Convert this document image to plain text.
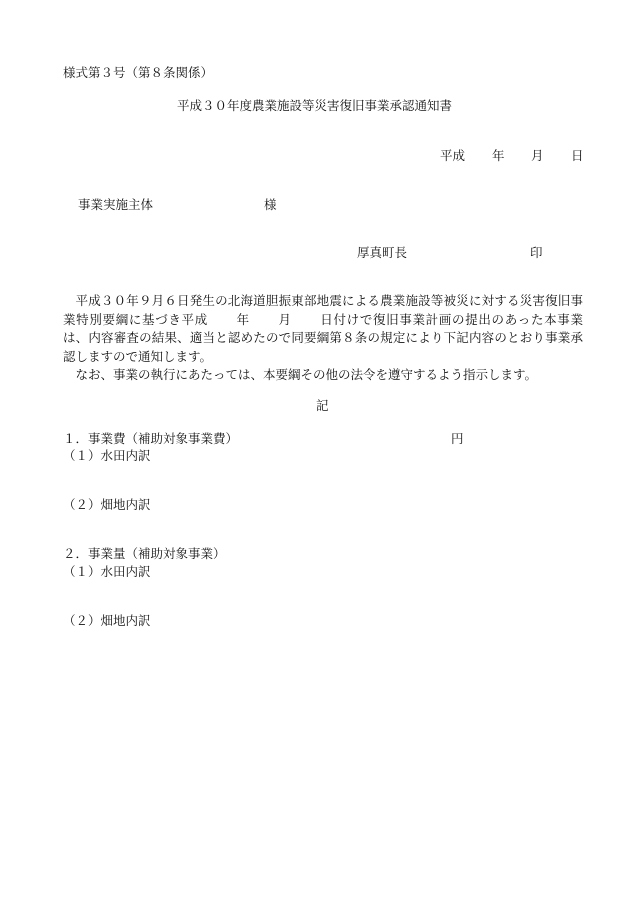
様式第３号（第８条関係）
平成３０年度農業施設等災害復旧事業承認通知書
平成 年 月 日
事業実施主体	様
厚真町長	印

平成３０年９月６日発生の北海道胆振東部地震による農業施設等被災に対する災害復旧事業特別要綱に基づき平成 年 月 日付けで復旧事業計画の提出のあった本事業は、内容審査の結果、適当と認めたので同要綱第８条の規定により下記内容のとおり事業承認しますので通知します。

なお、事業の執行にあたっては、本要綱その他の法令を遵守するよう指示します。

記
１．事業費（補助対象事業費）	円
（１）水田内訳
（２）畑地内訳
２．事業量（補助対象事業）
（１）水田内訳
（２）畑地内訳
